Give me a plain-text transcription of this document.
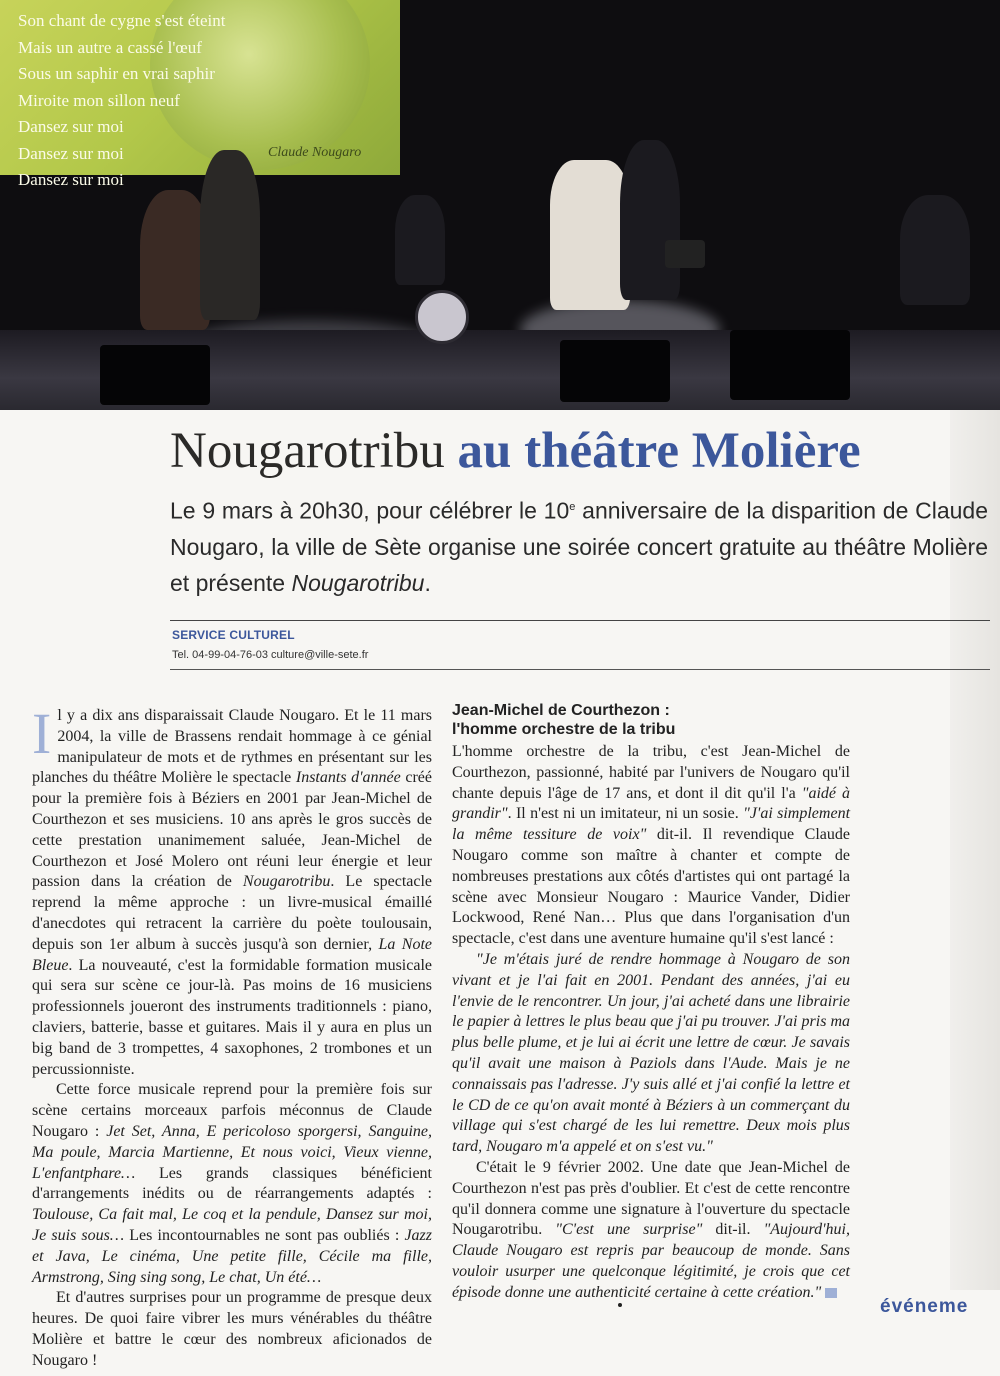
Son chant de cygne s'est éteint
Mais un autre a cassé l'œuf
Sous un saphir en vrai saphir
Miroite mon sillon neuf
Dansez sur moi
Dansez sur moi
Dansez sur moi
Claude Nougaro
Nougarotribu au théâtre Molière

Le 9 mars à 20h30, pour célébrer le 10e anniversaire de la disparition de Claude Nougaro, la ville de Sète organise une soirée concert gratuite au théâtre Molière et présente Nougarotribu.

SERVICE CULTUREL

Tel. 04-99-04-76-03 culture@ville-sete.fr

Il y a dix ans disparaissait Claude Nougaro. Et le 11 mars 2004, la ville de Brassens rendait hommage à ce génial manipulateur de mots et de rythmes en présentant sur les planches du théâtre Molière le spectacle Instants d'année créé pour la première fois à Béziers en 2001 par Jean-Michel de Courthezon et ses musiciens. 10 ans après le gros succès de cette prestation unanimement saluée, Jean-Michel de Courthezon et José Molero ont réuni leur énergie et leur passion dans la création de Nougarotribu. Le spectacle reprend la même approche : un livre-musical émaillé d'anecdotes qui retracent la carrière du poète toulousain, depuis son 1er album à succès jusqu'à son dernier, La Note Bleue. La nouveauté, c'est la formidable formation musicale qui sera sur scène ce jour-là. Pas moins de 16 musiciens professionnels joueront des instruments traditionnels : piano, claviers, batterie, basse et guitares. Mais il y aura en plus un big band de 3 trompettes, 4 saxophones, 2 trombones et un percussionniste.

Cette force musicale reprend pour la première fois sur scène certains morceaux parfois méconnus de Claude Nougaro : Jet Set, Anna, E pericoloso sporgersi, Sanguine, Ma poule, Marcia Martienne, Et nous voici, Vieux vienne, L'enfantphare… Les grands classiques bénéficient d'arrangements inédits ou de réarrangements adaptés : Toulouse, Ca fait mal, Le coq et la pendule, Dansez sur moi, Je suis sous… Les incontournables ne sont pas oubliés : Jazz et Java, Le cinéma, Une petite fille, Cécile ma fille, Armstrong, Sing sing song, Le chat, Un été…

Et d'autres surprises pour un programme de presque deux heures. De quoi faire vibrer les murs vénérables du théâtre Molière et battre le cœur des nombreux aficionados de Nougaro !

Jean-Michel de Courthezon :
l'homme orchestre de la tribu

L'homme orchestre de la tribu, c'est Jean-Michel de Courthezon, passionné, habité par l'univers de Nougaro qu'il chante depuis l'âge de 17 ans, et dont il dit qu'il l'a "aidé à grandir". Il n'est ni un imitateur, ni un sosie. "J'ai simplement la même tessiture de voix" dit-il. Il revendique Claude Nougaro comme son maître à chanter et compte de nombreuses prestations aux côtés d'artistes qui ont partagé la scène avec Monsieur Nougaro : Maurice Vander, Didier Lockwood, René Nan… Plus que dans l'organisation d'un spectacle, c'est dans une aventure humaine qu'il s'est lancé :

"Je m'étais juré de rendre hommage à Nougaro de son vivant et je l'ai fait en 2001. Pendant des années, j'ai eu l'envie de le rencontrer. Un jour, j'ai acheté dans une librairie le papier à lettres le plus beau que j'ai pu trouver. J'ai pris ma plus belle plume, et je lui ai écrit une lettre de cœur. Je savais qu'il avait une maison à Paziols dans l'Aude. Mais je ne connaissais pas l'adresse. J'y suis allé et j'ai confié la lettre et le CD de ce qu'on avait monté à Béziers à un commerçant du village qui s'est chargé de les lui remettre. Deux mois plus tard, Nougaro m'a appelé et on s'est vu."

C'était le 9 février 2002. Une date que Jean-Michel de Courthezon n'est pas près d'oublier. Et c'est de cette rencontre qu'il donnera comme une signature à l'ouverture du spectacle Nougarotribu. "C'est une surprise" dit-il. "Aujourd'hui, Claude Nougaro est repris par beaucoup de monde. Sans vouloir usurper une quelconque légitimité, je crois que cet épisode donne une authenticité certaine à cette création."

événeme
